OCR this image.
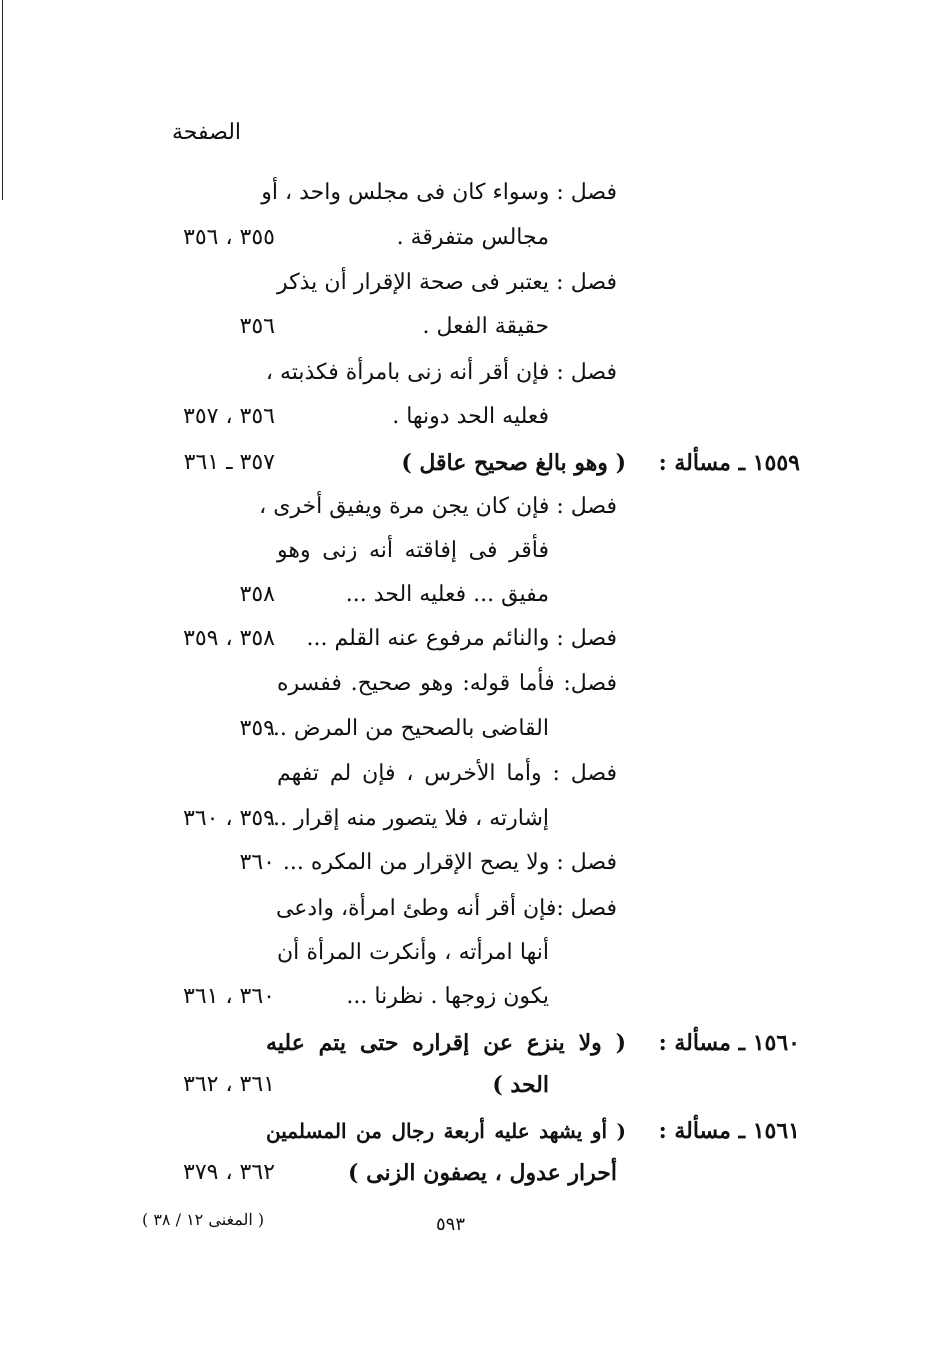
الصفحة
فصل : وسواء كان فى مجلس واحد ، أو
مجالس متفرقة .
٣٥٥ ، ٣٥٦
فصل : يعتبر فى صحة الإقرار أن يذكر
حقيقة الفعل .
٣٥٦
فصل : فإن أقر أنه زنى بامرأة فكذبته ،
فعليه الحد دونها .
٣٥٦ ، ٣٥٧
١٥٥٩ ـ مسألة :
( وهو بالغ صحيح عاقل )
٣٥٧ ـ ٣٦١
فصل : فإن كان يجن مرة ويفيق أخرى ،
فأقر فى إفاقته أنه زنى وهو
مفيق ... فعليه الحد ...
٣٥٨
فصل : والنائم مرفوع عنه القلم ...
٣٥٨ ، ٣٥٩
فصل: فأما قوله: وهو صحيح. ففسره
القاضى بالصحيح من المرض ...
٣٥٩
فصل : وأما الأخرس ، فإن لم تفهم
إشارته ، فلا يتصور منه إقرار ...
٣٥٩ ، ٣٦٠
فصل : ولا يصح الإقرار من المكره ...
٣٦٠
فصل :فإن أقر أنه وطئ امرأة، وادعى
أنها امرأته ، وأنكرت المرأة أن
يكون زوجها . نظرنا ...
٣٦٠ ، ٣٦١
١٥٦٠ ـ مسألة :
( ولا ينزع عن إقراره حتى يتم عليه
الحد )
٣٦١ ، ٣٦٢
١٥٦١ ـ مسألة :
( أو يشهد عليه أربعة رجال من المسلمين
أحرار عدول ، يصفون الزنى )
٣٦٢ ، ٣٧٩
( المغنى ١٢ / ٣٨ )	٥٩٣
